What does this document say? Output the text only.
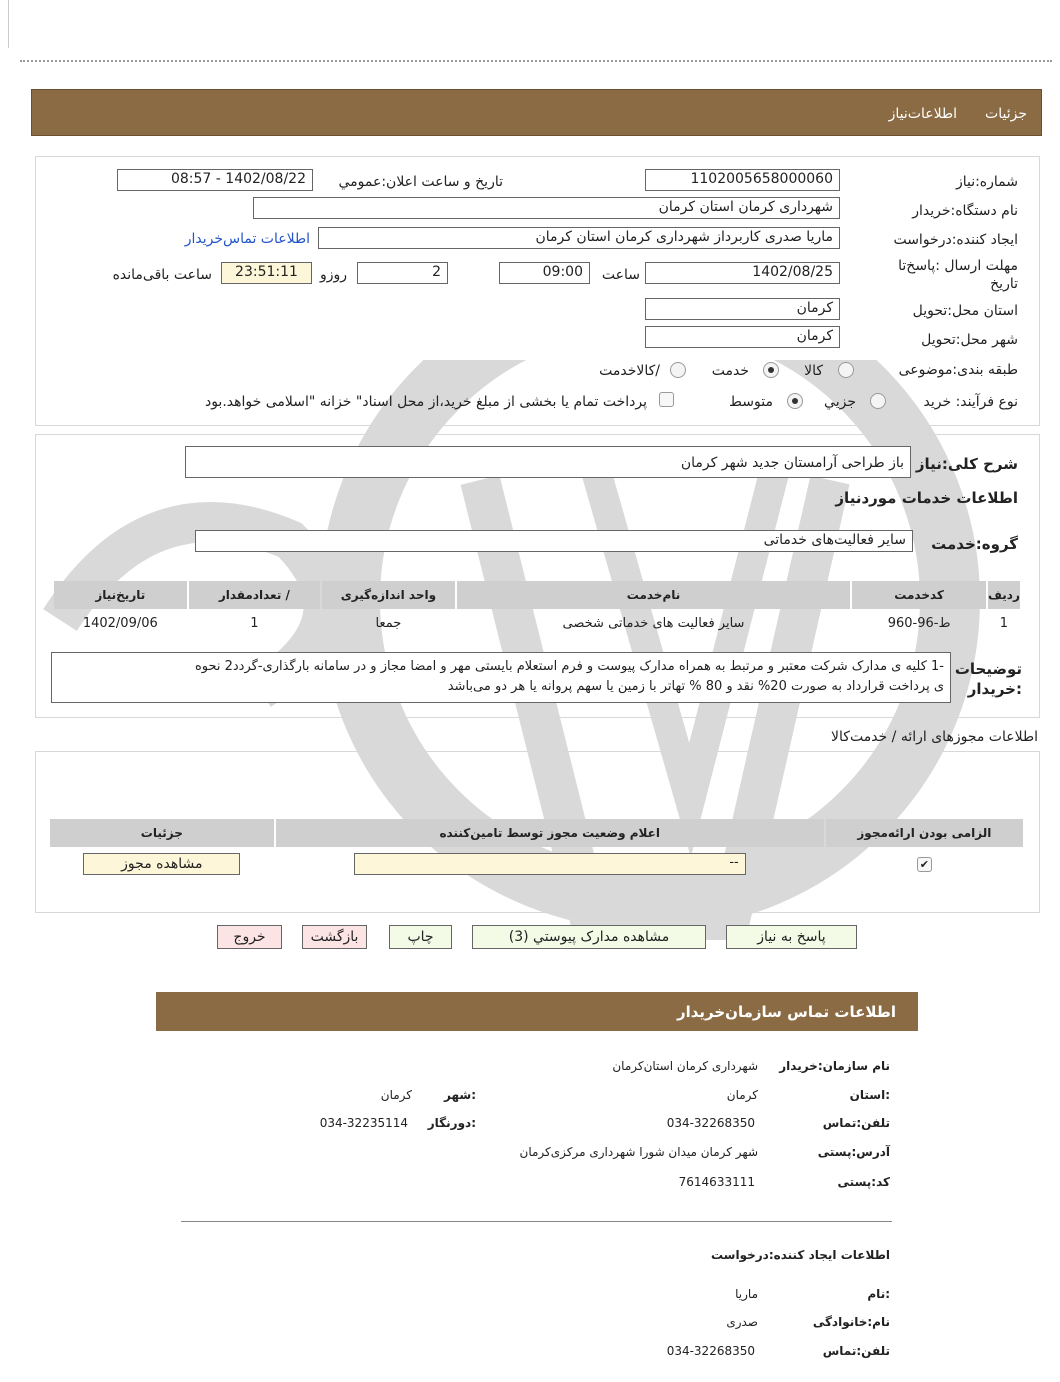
جزئیات
اطلاعات‌نیاز
شماره:نیاز
1102005658000060
تاريخ و ساعت اعلان:عمومي
1402/08/22 - 08:57
نام دستگاه:خریدار
شهرداری کرمان استان کرمان
ایجاد کننده:درخواست
ماریا صدری کاربرداز شهرداری کرمان استان کرمان
اطلاعات تماس‌خریدار
مهلت ارسال :پاسخ‌تا تاریخ
1402/08/25
ساعت
09:00
2
روزو
23:51:11
ساعت باقی‌مانده
استان محل:تحویل
کرمان
شهر محل:تحویل
کرمان
طبقه بندی:موضوعی
کالا
خدمت
/کالاخدمت
نوع فرآیند: خرید
جزيي
متوسط
پرداخت تمام یا بخشی از مبلغ خرید،از محل اسناد" خزانه "اسلامی خواهد.بود
شرح کلی:نیاز
باز طراحی آرامستان جدید شهر کرمان
اطلاعات خدمات موردنیاز
گروه:خدمت
سایر فعالیت‌های خدماتی
ردیف	کدخدمت	نام‌خدمت	واحد اندازه‌گیری	/ تعدادمقدار	تاریخ‌نیاز
1	ط-96-960	سایر فعالیت های خدماتی شخصی	جمعا	1	1402/09/06
توضیحات
:خریدار
-1 کلیه ی مدارک شرکت معتبر و مرتبط به همراه مدارک پیوست و فرم استعلام بایستی مهر و امضا مجاز و در سامانه بارگذاری-گردد2 نحوه
ی پرداخت قرارداد به صورت 20% نقد و 80 % تهاتر با زمین یا سهم پروانه یا هر دو می‌باشد
اطلاعات مجوزهای ارائه / خدمت‌کالا
الزامی بودن ارائه‌مجوز	اعلام وضعیت مجوز توسط تامین‌کننده	جزئیات
✔	--	مشاهده مجوز
پاسخ به نیاز
مشاهده مدارک پیوستي (3)
چاپ
بازگشت
خروج
اطلاعات تماس سازمان‌خریدار
نام سازمان:خریدار
شهرداری کرمان استان‌کرمان
:استان
کرمان
:شهر
کرمان
تلفن:تماس
034-32268350
:دورنگار
034-32235114
آدرس:پستی
شهر کرمان میدان شورا شهرداری مرکزی‌کرمان
کد:پستی
7614633111
اطلاعات ایجاد کننده:درخواست
:نام
ماریا
نام:خانوادگی
صدری
تلفن:تماس
034-32268350
